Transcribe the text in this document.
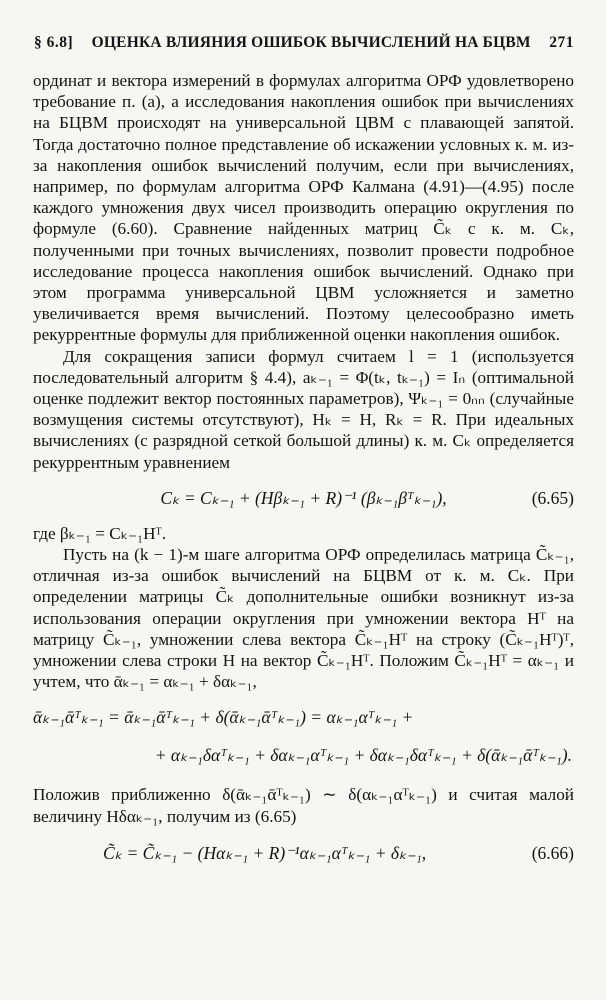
§ 6.8]	ОЦЕНКА ВЛИЯНИЯ ОШИБОК ВЫЧИСЛЕНИЙ НА БЦВМ	271

ординат и вектора измерений в формулах алгоритма ОРФ удовлетворено требование п. (а), а исследования накопления ошибок при вычислениях на БЦВМ происходят на универсальной ЦВМ с плавающей запятой. Тогда достаточно полное представление об искажении условных к. м. из-за накопления ошибок вычислений получим, если при вычислениях, например, по формулам алгоритма ОРФ Калмана (4.91)—(4.95) после каждого умножения двух чисел производить операцию округления по формуле (6.60). Сравнение найденных матриц C̃ₖ с к. м. Cₖ, полученными при точных вычислениях, позволит провести подробное исследование процесса накопления ошибок вычислений. Однако при этом программа универсальной ЦВМ усложняется и заметно увеличивается время вычислений. Поэтому целесообразно иметь рекуррентные формулы для приближенной оценки накопления ошибок.

Для сокращения записи формул считаем l = 1 (используется последовательный алгоритм § 4.4), aₖ₋₁ = Φ(tₖ, tₖ₋₁) = Iₙ (оптимальной оценке подлежит вектор постоянных параметров), Ψₖ₋₁ = 0ₙₙ (случайные возмущения системы отсутствуют), Hₖ = H, Rₖ = R. При идеальных вычислениях (с разрядной сеткой большой длины) к. м. Cₖ определяется рекуррентным уравнением

Cₖ = Cₖ₋₁ + (Hβₖ₋₁ + R)⁻¹ (βₖ₋₁βᵀₖ₋₁),	(6.65)

где βₖ₋₁ = Cₖ₋₁Hᵀ.

Пусть на (k − 1)-м шаге алгоритма ОРФ определилась матрица C̃ₖ₋₁, отличная из-за ошибок вычислений на БЦВМ от к. м. Cₖ. При определении матрицы C̃ₖ дополнительные ошибки возникнут из-за использования операции округления при умножении вектора Hᵀ на матрицу C̃ₖ₋₁, умножении слева вектора C̃ₖ₋₁Hᵀ на строку (C̃ₖ₋₁Hᵀ)ᵀ, умножении слева строки H на вектор C̃ₖ₋₁Hᵀ. Положим C̃ₖ₋₁Hᵀ = αₖ₋₁ и учтем, что ᾱₖ₋₁ = αₖ₋₁ + δαₖ₋₁,

ᾱₖ₋₁ᾱᵀₖ₋₁ = ᾱₖ₋₁ᾱᵀₖ₋₁ + δ(ᾱₖ₋₁ᾱᵀₖ₋₁) = αₖ₋₁αᵀₖ₋₁ +
+ αₖ₋₁δαᵀₖ₋₁ + δαₖ₋₁αᵀₖ₋₁ + δαₖ₋₁δαᵀₖ₋₁ + δ(ᾱₖ₋₁ᾱᵀₖ₋₁).

Положив приближенно δ(ᾱₖ₋₁ᾱᵀₖ₋₁) ∼ δ(αₖ₋₁αᵀₖ₋₁) и считая малой величину Hδαₖ₋₁, получим из (6.65)

C̃ₖ = C̃ₖ₋₁ − (Hαₖ₋₁ + R)⁻¹αₖ₋₁αᵀₖ₋₁ + δₖ₋₁,	(6.66)
